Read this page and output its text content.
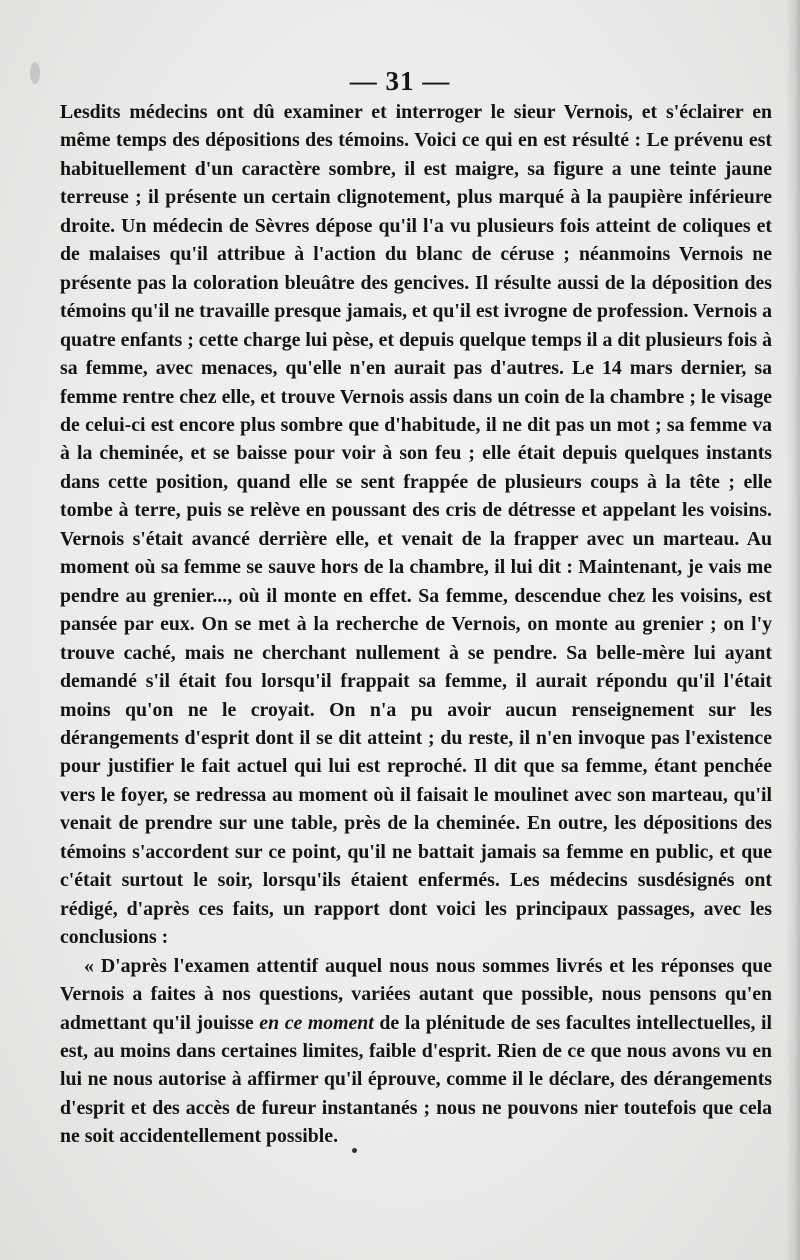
— 31 —

Lesdits médecins ont dû examiner et interroger le sieur Vernois, et s'éclairer en même temps des dépositions des témoins. Voici ce qui en est résulté : Le prévenu est habituellement d'un caractère sombre, il est maigre, sa figure a une teinte jaune terreuse ; il présente un certain clignotement, plus marqué à la paupière inférieure droite. Un médecin de Sèvres dépose qu'il l'a vu plusieurs fois atteint de coliques et de malaises qu'il attribue à l'action du blanc de céruse ; néanmoins Vernois ne présente pas la coloration bleuâtre des gencives. Il résulte aussi de la déposition des témoins qu'il ne travaille presque jamais, et qu'il est ivrogne de profession. Vernois a quatre enfants ; cette charge lui pèse, et depuis quelque temps il a dit plusieurs fois à sa femme, avec menaces, qu'elle n'en aurait pas d'autres. Le 14 mars dernier, sa femme rentre chez elle, et trouve Vernois assis dans un coin de la chambre ; le visage de celui-ci est encore plus sombre que d'habitude, il ne dit pas un mot ; sa femme va à la cheminée, et se baisse pour voir à son feu ; elle était depuis quelques instants dans cette position, quand elle se sent frappée de plusieurs coups à la tête ; elle tombe à terre, puis se relève en poussant des cris de détresse et appelant les voisins. Vernois s'était avancé derrière elle, et venait de la frapper avec un marteau. Au moment où sa femme se sauve hors de la chambre, il lui dit : Maintenant, je vais me pendre au grenier..., où il monte en effet. Sa femme, descendue chez les voisins, est pansée par eux. On se met à la recherche de Vernois, on monte au grenier ; on l'y trouve caché, mais ne cherchant nullement à se pendre. Sa belle-mère lui ayant demandé s'il était fou lorsqu'il frappait sa femme, il aurait répondu qu'il l'était moins qu'on ne le croyait. On n'a pu avoir aucun renseignement sur les dérangements d'esprit dont il se dit atteint ; du reste, il n'en invoque pas l'existence pour justifier le fait actuel qui lui est reproché. Il dit que sa femme, étant penchée vers le foyer, se redressa au moment où il faisait le moulinet avec son marteau, qu'il venait de prendre sur une table, près de la cheminée. En outre, les dépositions des témoins s'accordent sur ce point, qu'il ne battait jamais sa femme en public, et que c'était surtout le soir, lorsqu'ils étaient enfermés. Les médecins susdésignés ont rédigé, d'après ces faits, un rapport dont voici les principaux passages, avec les conclusions :

« D'après l'examen attentif auquel nous nous sommes livrés et les réponses que Vernois a faites à nos questions, variées autant que possible, nous pensons qu'en admettant qu'il jouisse en ce moment de la plénitude de ses facultes intellectuelles, il est, au moins dans certaines limites, faible d'esprit. Rien de ce que nous avons vu en lui ne nous autorise à affirmer qu'il éprouve, comme il le déclare, des dérangements d'esprit et des accès de fureur instantanés ; nous ne pouvons nier toutefois que cela ne soit accidentellement possible.
